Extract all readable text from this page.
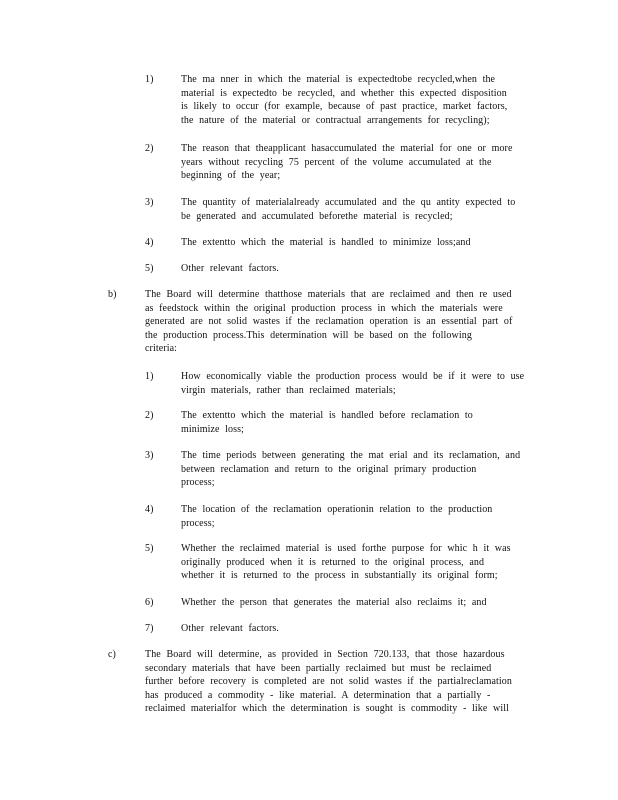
1)	The ma nner in which the material is expectedtobe recycled,when the
material is expectedto be recycled, and whether this expected disposition
is likely to occur (for example, because of past practice, market factors,
the nature of the material or contractual arrangements for recycling);
2)	The reason that theapplicant hasaccumulated the material for one or more
years without recycling 75 percent of the volume accumulated at the
beginning of the year;
3)	The quantity of materialalready accumulated and the qu antity expected to
be generated and accumulated beforethe material is recycled;
4)	The extentto which the material is handled to minimize loss;and
5)	Other relevant factors.
b)	The Board will determine thatthose materials that are reclaimed and then re used
as feedstock within the original production process in which the materials were
generated are not solid wastes if the reclamation operation is an essential part of
the production process.This determination will be based on the following
criteria:
1)	How economically viable the production process would be if it were to use
virgin materials, rather than reclaimed materials;
2)	The extentto which the material is handled before reclamation to
minimize loss;
3)	The time periods between generating the mat erial and its reclamation, and
between reclamation and return to the original primary production
process;
4)	The location of the reclamation operationin relation to the production
process;
5)	Whether the reclaimed material is used forthe purpose for whic h it was
originally produced when it is returned to the original process, and
whether it is returned to the process in substantially its original form;
6)	Whether the person that generates the material also reclaims it; and
7)	Other relevant factors.
c)	The Board will determine, as provided in Section 720.133, that those hazardous
secondary materials that have been partially reclaimed but must be reclaimed
further before recovery is completed are not solid wastes if the partialreclamation
has produced a commodity - like material. A determination that a partially -
reclaimed materialfor which the determination is sought is commodity - like will
